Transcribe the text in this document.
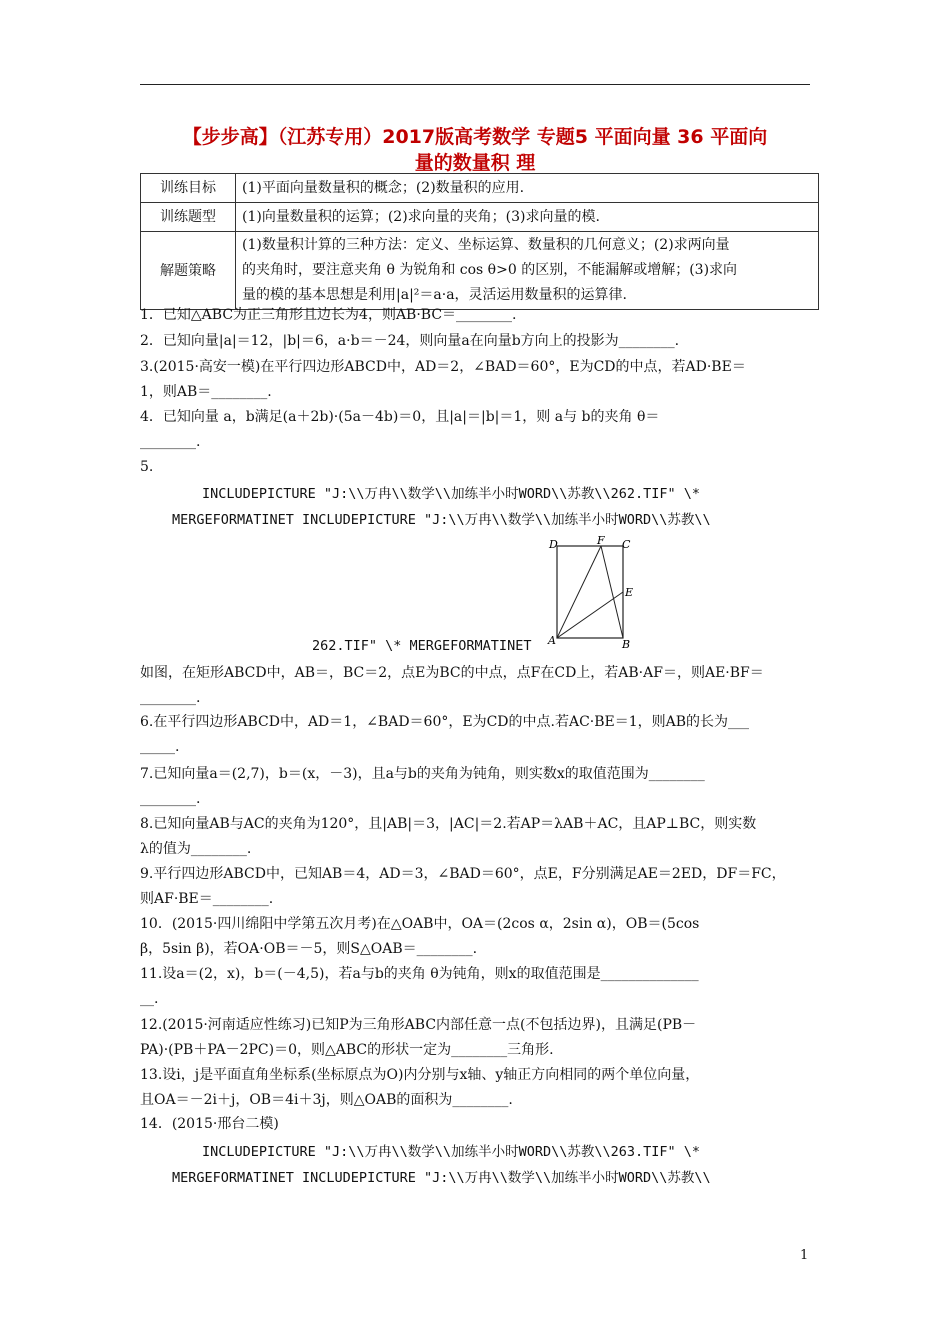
【步步高】（江苏专用）2017版高考数学 专题5 平面向量 36 平面向
量的数量积 理
训练目标	(1)平面向量数量积的概念；(2)数量积的应用.
训练题型	(1)向量数量积的运算；(2)求向量的夹角；(3)求向量的模.
解题策略	(1)数量积计算的三种方法：定义、坐标运算、数量积的几何意义；(2)求两向量
的夹角时，要注意夹角 θ 为锐角和 cos θ>0 的区别，不能漏解或增解；(3)求向
量的模的基本思想是利用|a|²＝a·a，灵活运用数量积的运算律.
1．已知△ABC为正三角形且边长为4，则AB·BC＝________.
2．已知向量|a|＝12，|b|＝6，a·b＝－24，则向量a在向量b方向上的投影为________.
3.(2015·高安一模)在平行四边形ABCD中，AD＝2，∠BAD＝60°，E为CD的中点，若AD·BE＝
1，则AB＝________.
4．已知向量 a，b满足(a＋2b)·(5a－4b)＝0，且|a|＝|b|＝1，则 a与 b的夹角 θ＝
________.
5.
INCLUDEPICTURE "J:\\万冉\\数学\\加练半小时WORD\\苏教\\262.TIF" \*
MERGEFORMATINET INCLUDEPICTURE "J:\\万冉\\数学\\加练半小时WORD\\苏教\\
D	F C
E
A	B
262.TIF" \* MERGEFORMATINET
如图，在矩形ABCD中，AB＝，BC＝2，点E为BC的中点，点F在CD上，若AB·AF＝，则AE·BF＝
________.
6.在平行四边形ABCD中，AD＝1，∠BAD＝60°，E为CD的中点.若AC·BE＝1，则AB的长为___
_____.
7.已知向量a＝(2,7)，b＝(x，－3)，且a与b的夹角为钝角，则实数x的取值范围为________
________.
8.已知向量AB与AC的夹角为120°，且|AB|＝3，|AC|＝2.若AP＝λAB＋AC，且AP⊥BC，则实数
λ的值为________.
9.平行四边形ABCD中，已知AB＝4，AD＝3，∠BAD＝60°，点E，F分别满足AE＝2ED，DF＝FC，
则AF·BE＝________.
10．(2015·四川绵阳中学第五次月考)在△OAB中，OA＝(2cos α，2sin α)，OB＝(5cos
β，5sin β)，若OA·OB＝－5，则S△OAB＝________.
11.设a＝(2，x)，b＝(－4,5)，若a与b的夹角 θ为钝角，则x的取值范围是______________
__.
12.(2015·河南适应性练习)已知P为三角形ABC内部任意一点(不包括边界)，且满足(PB－
PA)·(PB＋PA－2PC)＝0，则△ABC的形状一定为________三角形.
13.设i，j是平面直角坐标系(坐标原点为O)内分别与x轴、y轴正方向相同的两个单位向量，
且OA＝－2i＋j，OB＝4i＋3j，则△OAB的面积为________.
14．(2015·邢台二模)
INCLUDEPICTURE "J:\\万冉\\数学\\加练半小时WORD\\苏教\\263.TIF" \*
MERGEFORMATINET INCLUDEPICTURE "J:\\万冉\\数学\\加练半小时WORD\\苏教\\
1
